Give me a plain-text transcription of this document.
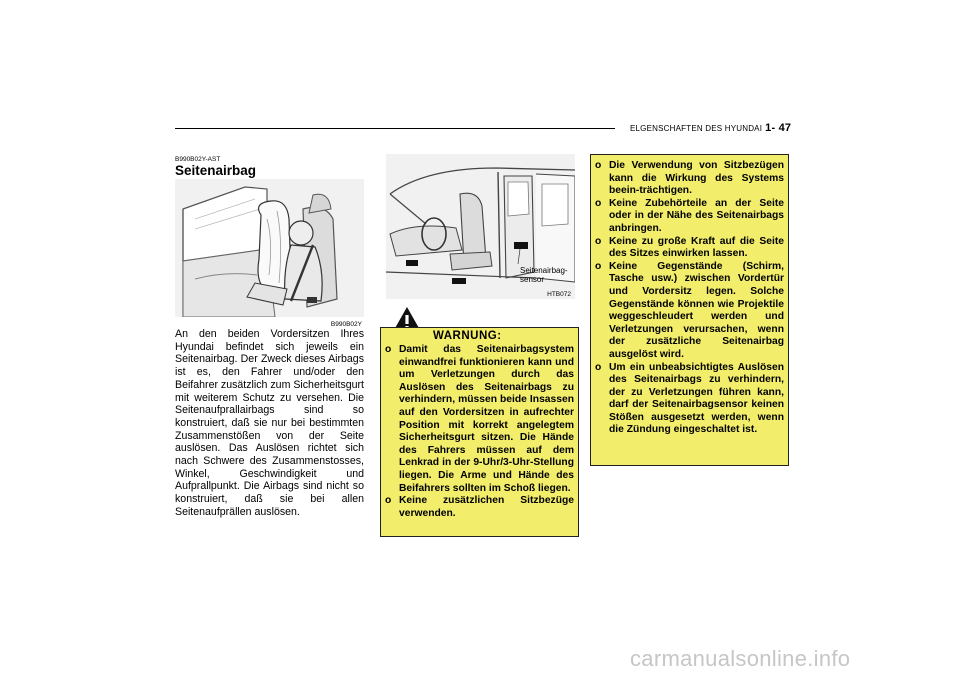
ELGENSCHAFTEN DES HYUNDAI 1- 47
B990B02Y-AST
Seitenairbag
B990B02Y
An den beiden Vordersitzen Ihres Hyundai befindet sich jeweils ein Seitenairbag. Der Zweck dieses Airbags ist es, den Fahrer und/oder den Beifahrer zusätzlich zum Sicherheitsgurt mit weiterem Schutz zu versehen. Die Seitenaufprallairbags sind so konstruiert, daß sie nur bei bestimmten Zusammenstößen von der Seite auslösen. Das Auslösen richtet sich nach Schwere des Zusammenstosses, Winkel, Geschwindigkeit und Aufprallpunkt. Die Airbags sind nicht so konstruiert, daß sie bei allen Seitenaufprällen auslösen.
Seitenairbag-
sensor
HTB072
WARNUNG:
o Damit das Seitenairbagsystem einwandfrei funktionieren kann und um Verletzungen durch das Auslösen des Seitenairbags zu verhindern, müssen beide Insassen auf den Vordersitzen in aufrechter Position mit korrekt angelegtem Sicherheitsgurt sitzen. Die Hände des Fahrers müssen auf dem Lenkrad in der 9-Uhr/3-Uhr-Stellung liegen. Die Arme und Hände des Beifahrers sollten im Schoß liegen.
o Keine zusätzlichen Sitzbezüge verwenden.
o Die Verwendung von Sitzbezügen kann die Wirkung des Systems beein-trächtigen.
o Keine Zubehörteile an der Seite oder in der Nähe des Seitenairbags anbringen.
o Keine zu große Kraft auf die Seite des Sitzes einwirken lassen.
o Keine Gegenstände (Schirm, Tasche usw.) zwischen Vordertür und Vordersitz legen. Solche Gegenstände können wie Projektile weggeschleudert werden und Verletzungen verursachen, wenn der zusätzliche Seitenairbag ausgelöst wird.
o Um ein unbeabsichtigtes Auslösen des Seitenairbags zu verhindern, der zu Verletzungen führen kann, darf der Seitenairbagsensor keinen Stößen ausgesetzt werden, wenn die Zündung eingeschaltet ist.
carmanualsonline.info
